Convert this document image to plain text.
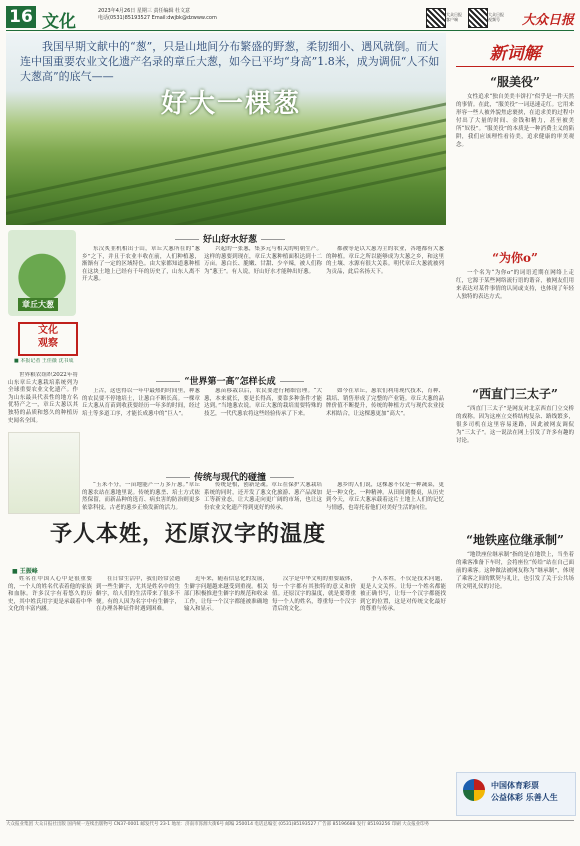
16 文化
2023年4月26日 星期三 责任编辑 杜文意
电话(0531)85193527 Email:dwjbk@dzwww.com
大众日报 客户端
大众日报 视频号	大众日报
我国早期文献中的“葱”，只是山地间分布繁盛的野葱，柔韧细小、遇风就倒。而大连中国重要农业文化遗产名录的章丘大葱，如今已平均“身高”1.8米，成为调侃“人不如大葱高”的底气——
好大一棵葱
章丘大葱
文化
观察
■ 本报记者 王佳薇 沈书成
世界粮农组织2022年将山东章丘大葱栽培系统列为全球重要农业文化遗产。作为山东最具代表性的地方名优特产之一，章丘大葱以其独特的品质和悠久的种植历史闻名全国。
好山好水好葱
东汉炙韭机相出于山，章丘大葱所在的“葱乡”之下，并且于农业丰收在前，人们种植葱，渐渐有了一定的区域特色。由大家都知道葱种植在这块土地上已经有千年的历史了，山东人离不开大葱。
兴起的一张葱，集多元与相关的明朝生产。这样的葱要到现在，章丘大葱种植面积达到十二万亩。葱白长、脆嫩、甘甜、少辛辣，被人们称为“葱王”。有人说，好山好水才能种出好葱。
都被等是以大葱为主的农业，各地都有大葱的种植。章丘之所以能够成为大葱之乡，和这里的土壤、水源有很大关系。明代章丘大葱就被列为贡品，此后名扬天下。
“世界第一高”怎样长成
上古，这也得以一年中最热的时间里，种葱的农民要不停地培土，让葱白不断长高。一棵章丘大葱从育苗到收获要经历一年多的时间，经过培土等多道工序，才能长成葱中的“巨人”。
葱苗移栽以后，农民要进行精细管理。“大葱，本来就长，要是长得高，要靠多种条件才能达到。”当地葱农说。章丘大葱的栽培需要特殊的技艺，一代代葱农将这些经验传承了下来。
如今在章丘，葱农们利用现代技术，育种、栽培、销售形成了完整的产业链。章丘大葱的品牌价值不断提升，传统的种植方式与现代农业技术相结合，让这棵葱更加“高大”。
传统与现代的碰撞
“玉米不分，一亩地能产一万多斤葱。”章丘的葱农站在葱地里说。传统的葱垄、培土方式依然保留，而新品种的选育、病虫害的防治则更多依靠科技。古老的葱乡正焕发新的活力。
传统是根，创新是魂。章丘在保护大葱栽培系统的同时，还开发了葱文化旅游、葱产品深加工等新业态，让大葱走向更广阔的市场，也让这份农业文化遗产得到更好的传承。
葱乡的人们说，这棵葱不仅是一种蔬菜，更是一种文化、一种精神。从田间到餐桌，从历史到今天，章丘大葱承载着这片土地上人们的记忆与情感，也寄托着他们对美好生活的向往。
予人本姓，还原汉字的温度
■ 王振峰
姓名在中国人心中是很重要的，一个人的姓名代表着他的家族和血脉。许多汉字有着悠久的历史，其中姓氏用字更是承载着中华文化的丰富内涵。
在日常生活中，我们经常会遇到一些生僻字，尤其是姓名中的生僻字，给人们的生活带来了很多不便。有的人因为名字中有生僻字，在办理各种证件时遇到困难。
近年来，随着信息化的发展，生僻字问题越来越受到重视。相关部门积极推进生僻字的规范和收录工作，让每一个汉字都能被准确地输入和显示。
汉字是中华文明的重要载体，每一个字都有其独特的意义和价值。还原汉字的温度，就是要尊重每一个人的姓名，尊重每一个汉字背后的文化。
予人本姓，不仅是技术问题，更是人文关怀。让每一个姓名都能被正确书写，让每一个汉字都能找到它的位置，这是对传统文化最好的尊重与传承。
新词解
“服美役”
女性追求“独自美美丰饼打”似乎是一件天然的事情。在此，“服美役”一词迅速走红。它用来形容一些人被外貌焦虑裹挟，在追求美的过程中付出了大量的时间、金钱和精力，甚至被美所“奴役”。“服美役”的本质是一种消费主义的陷阱，我们应该理性看待美，追求健康的审美观念。
“为你o”
一个名为“为你o”的词语近期在网络上走红，它源于某些网络流行语的谐音，被网友们用来表达对某件事情的认同或支持，也体现了年轻人独特的表达方式。
“西直门三太子”
“西直门三太子”是网友对北京西直门立交桥的戏称。因为这座立交桥结构复杂、路线繁多，很多司机在这里容易迷路，因此被网友调侃为“三太子”。这一说法在网上引发了许多有趣的讨论。
“地铁座位继承制”
“地铁座位继承制”指的是在地铁上，当坐着的乘客准备下车时，会将座位“传给”站在自己面前的乘客。这种做法被网友称为“继承制”，体现了乘客之间的默契与礼让，也引发了关于公共场所文明礼仪的讨论。
中国体育彩票
公益体彩 乐善人生
大众报业集团 大众日报社出版 国内统一连续出版物号 CN37-0001 邮发代号 23-1 地址：济南市泺源大街6号 邮编 250014 电话总编室 (0531)85193527 广告部 85196688 发行 85193256 印刷 大众报业印务
